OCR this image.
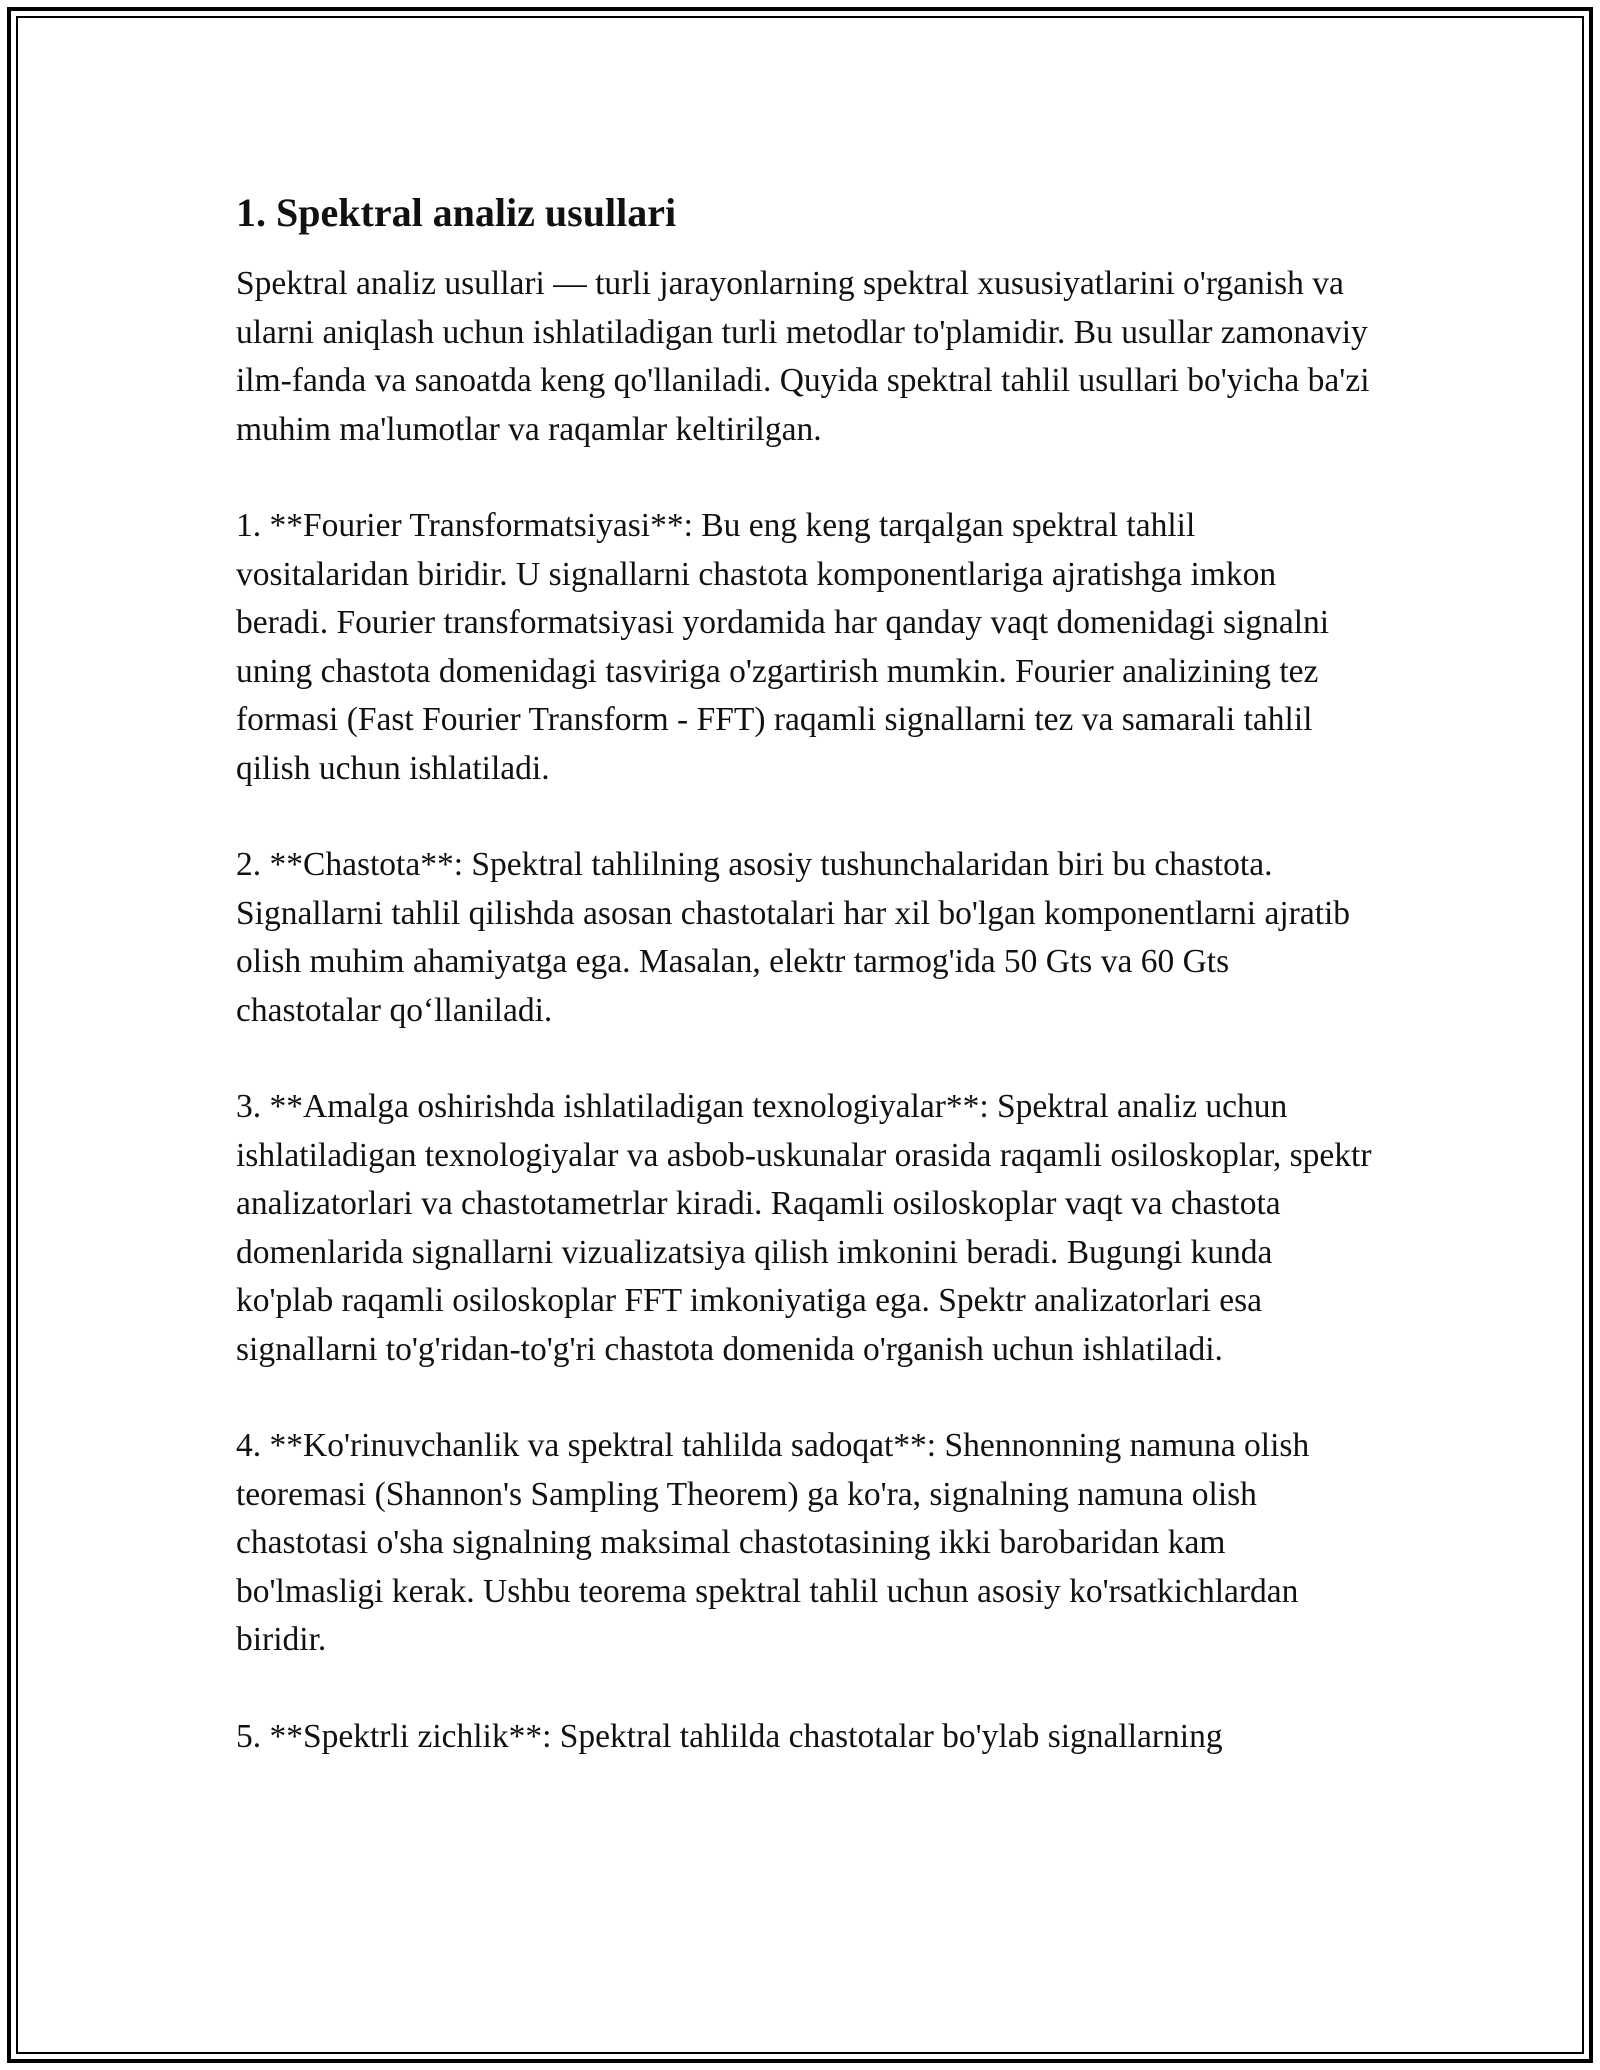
1. Spektral analiz usullari

Spektral analiz usullari — turli jarayonlarning spektral xususiyatlarini o'rganish va ularni aniqlash uchun ishlatiladigan turli metodlar to'plamidir. Bu usullar zamonaviy ilm-fanda va sanoatda keng qo'llaniladi. Quyida spektral tahlil usullari bo'yicha ba'zi muhim ma'lumotlar va raqamlar keltirilgan.

1. **Fourier Transformatsiyasi**: Bu eng keng tarqalgan spektral tahlil vositalaridan biridir. U signallarni chastota komponentlariga ajratishga imkon beradi. Fourier transformatsiyasi yordamida har qanday vaqt domenidagi signalni uning chastota domenidagi tasviriga o'zgartirish mumkin. Fourier analizining tez formasi (Fast Fourier Transform - FFT) raqamli signallarni tez va samarali tahlil qilish uchun ishlatiladi.

2. **Chastota**: Spektral tahlilning asosiy tushunchalaridan biri bu chastota. Signallarni tahlil qilishda asosan chastotalari har xil bo'lgan komponentlarni ajratib olish muhim ahamiyatga ega. Masalan, elektr tarmog'ida 50 Gts va 60 Gts chastotalar qo‘llaniladi.

3. **Amalga oshirishda ishlatiladigan texnologiyalar**: Spektral analiz uchun ishlatiladigan texnologiyalar va asbob-uskunalar orasida raqamli osiloskoplar, spektr analizatorlari va chastotametrlar kiradi. Raqamli osiloskoplar vaqt va chastota domenlarida signallarni vizualizatsiya qilish imkonini beradi. Bugungi kunda ko'plab raqamli osiloskoplar FFT imkoniyatiga ega. Spektr analizatorlari esa signallarni to'g'ridan-to'g'ri chastota domenida o'rganish uchun ishlatiladi.

4. **Ko'rinuvchanlik va spektral tahlilda sadoqat**: Shennonning namuna olish teoremasi (Shannon's Sampling Theorem) ga ko'ra, signalning namuna olish chastotasi o'sha signalning maksimal chastotasining ikki barobaridan kam bo'lmasligi kerak. Ushbu teorema spektral tahlil uchun asosiy ko'rsatkichlardan biridir.

5. **Spektrli zichlik**: Spektral tahlilda chastotalar bo'ylab signallarning
